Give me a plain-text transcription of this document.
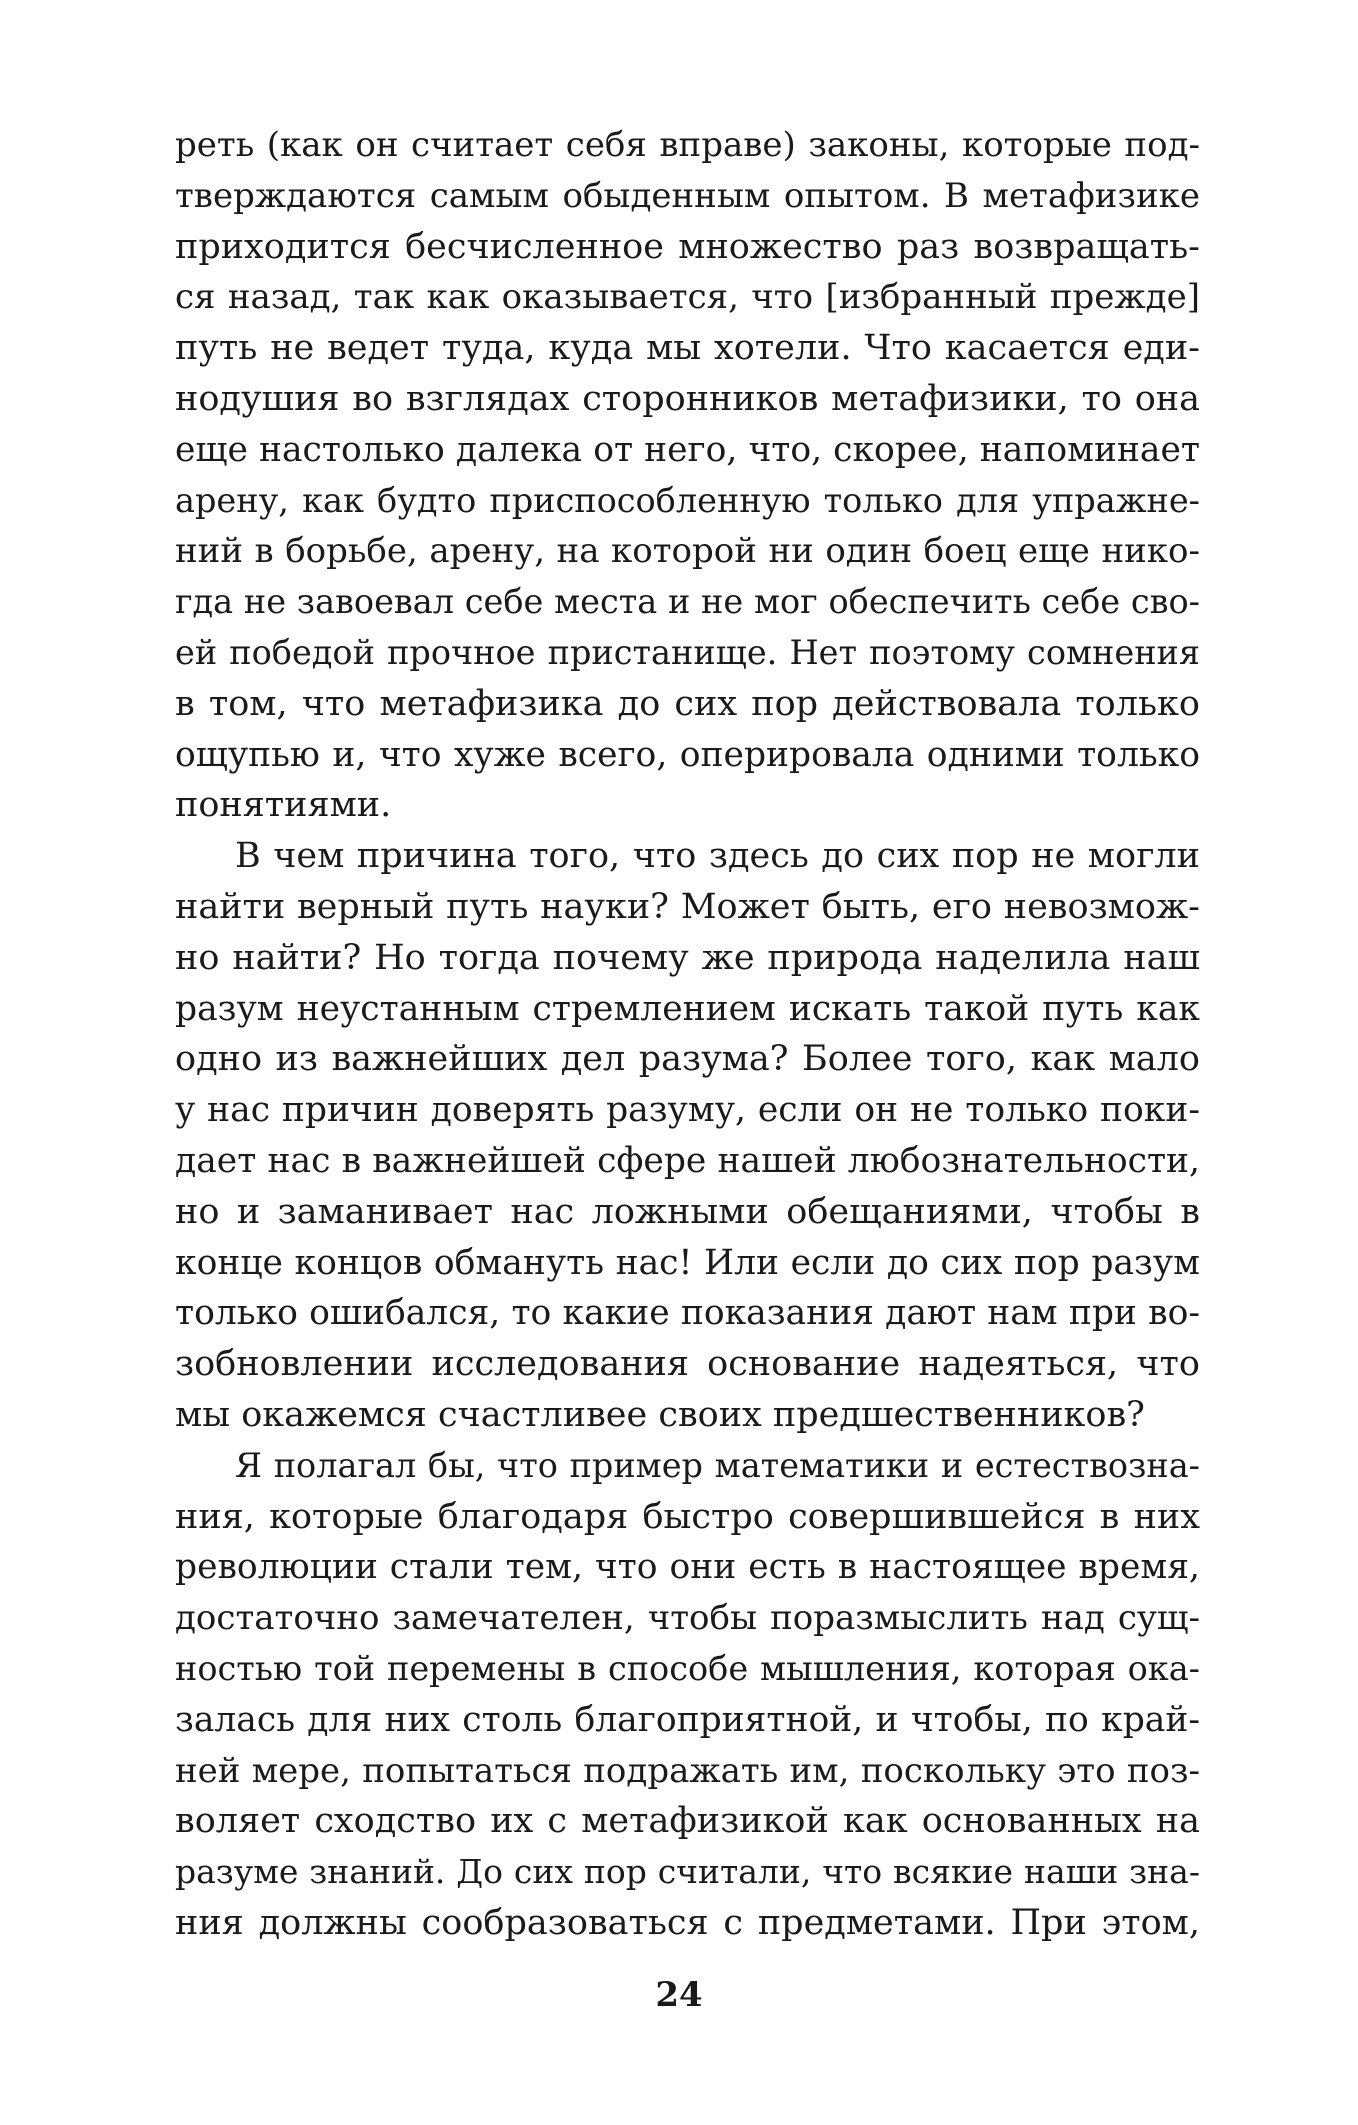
реть (как он считает себя вправе) законы, которые под-
тверждаются самым обыденным опытом. В метафизике
приходится бесчисленное множество раз возвращать-
ся назад, так как оказывается, что [избранный прежде]
путь не ведет туда, куда мы хотели. Что касается еди-
нодушия во взглядах сторонников метафизики, то она
еще настолько далека от него, что, скорее, напоминает
арену, как будто приспособленную только для упражне-
ний в борьбе, арену, на которой ни один боец еще нико-
гда не завоевал себе места и не мог обеспечить себе сво-
ей победой прочное пристанище. Нет поэтому сомнения
в том, что метафизика до сих пор действовала только
ощупью и, что хуже всего, оперировала одними только
понятиями.
В чем причина того, что здесь до сих пор не могли
найти верный путь науки? Может быть, его невозмож-
но найти? Но тогда почему же природа наделила наш
разум неустанным стремлением искать такой путь как
одно из важнейших дел разума? Более того, как мало
у нас причин доверять разуму, если он не только поки-
дает нас в важнейшей сфере нашей любознательности,
но и заманивает нас ложными обещаниями, чтобы в
конце концов обмануть нас! Или если до сих пор разум
только ошибался, то какие показания дают нам при во-
зобновлении исследования основание надеяться, что
мы окажемся счастливее своих предшественников?
Я полагал бы, что пример математики и естествозна-
ния, которые благодаря быстро совершившейся в них
революции стали тем, что они есть в настоящее время,
достаточно замечателен, чтобы поразмыслить над сущ-
ностью той перемены в способе мышления, которая ока-
залась для них столь благоприятной, и чтобы, по край-
ней мере, попытаться подражать им, поскольку это поз-
воляет сходство их с метафизикой как основанных на
разуме знаний. До сих пор считали, что всякие наши зна-
ния должны сообразоваться с предметами. При этом,
24
